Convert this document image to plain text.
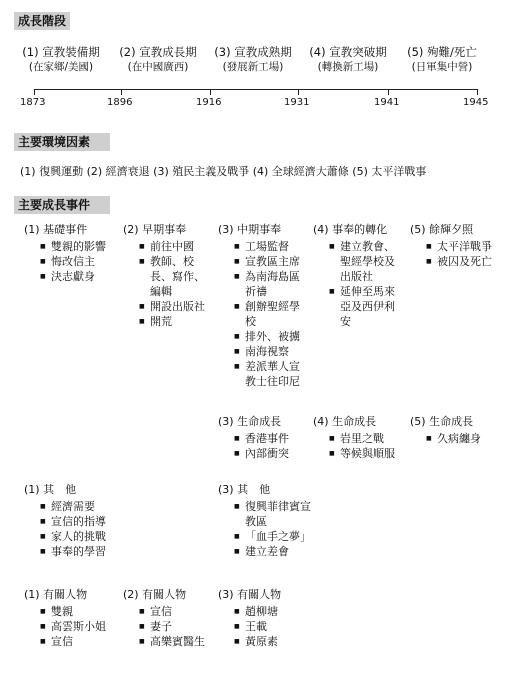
成長階段
(1) 宣教裝備期
(在家鄉/美國)
(2) 宣教成長期
(在中國廣西)
(3) 宣教成熟期
(發展新工場)
(4) 宣教突破期
(轉換新工場)
(5) 殉難/死亡
(日軍集中營)
1873	1896	1916	1931	1941	1945
主要環境因素
(1) 復興運動 (2) 經濟衰退 (3) 殖民主義及戰爭 (4) 全球經濟大蕭條 (5) 太平洋戰事
主要成長事件
(1) 基礎事件
■ 雙親的影響
■ 悔改信主
■ 決志獻身
(2) 早期事奉
■ 前往中國
■ 教師、校長、寫作、編輯
■ 開設出版社
■ 開荒
(3) 中期事奉
■ 工場監督
■ 宣教區主席
■ 為南海島區祈禱
■ 創辦聖經學校
■ 排外、被擄
■ 南海視察
■ 差派華人宣教士往印尼
(4) 事奉的轉化
■ 建立教會、聖經學校及出版社
■ 延伸至馬來亞及西伊利安
(5) 餘輝夕照
■ 太平洋戰爭
■ 被囚及死亡
(3) 生命成長
■ 香港事件
■ 內部衝突
(4) 生命成長
■ 岩里之戰
■ 等候與順服
(5) 生命成長
■ 久病纏身
(1) 其　他
■ 經濟需要
■ 宣信的指導
■ 家人的挑戰
■ 事奉的學習
(3) 其　他
■ 復興菲律賓宣教區
■ 「血手之夢」
■ 建立差會
(1) 有關人物
■ 雙親
■ 高雲斯小姐
■ 宣信
(2) 有關人物
■ 宣信
■ 妻子
■ 高樂賓醫生
(3) 有關人物
■ 趙柳塘
■ 王載
■ 黃原素
